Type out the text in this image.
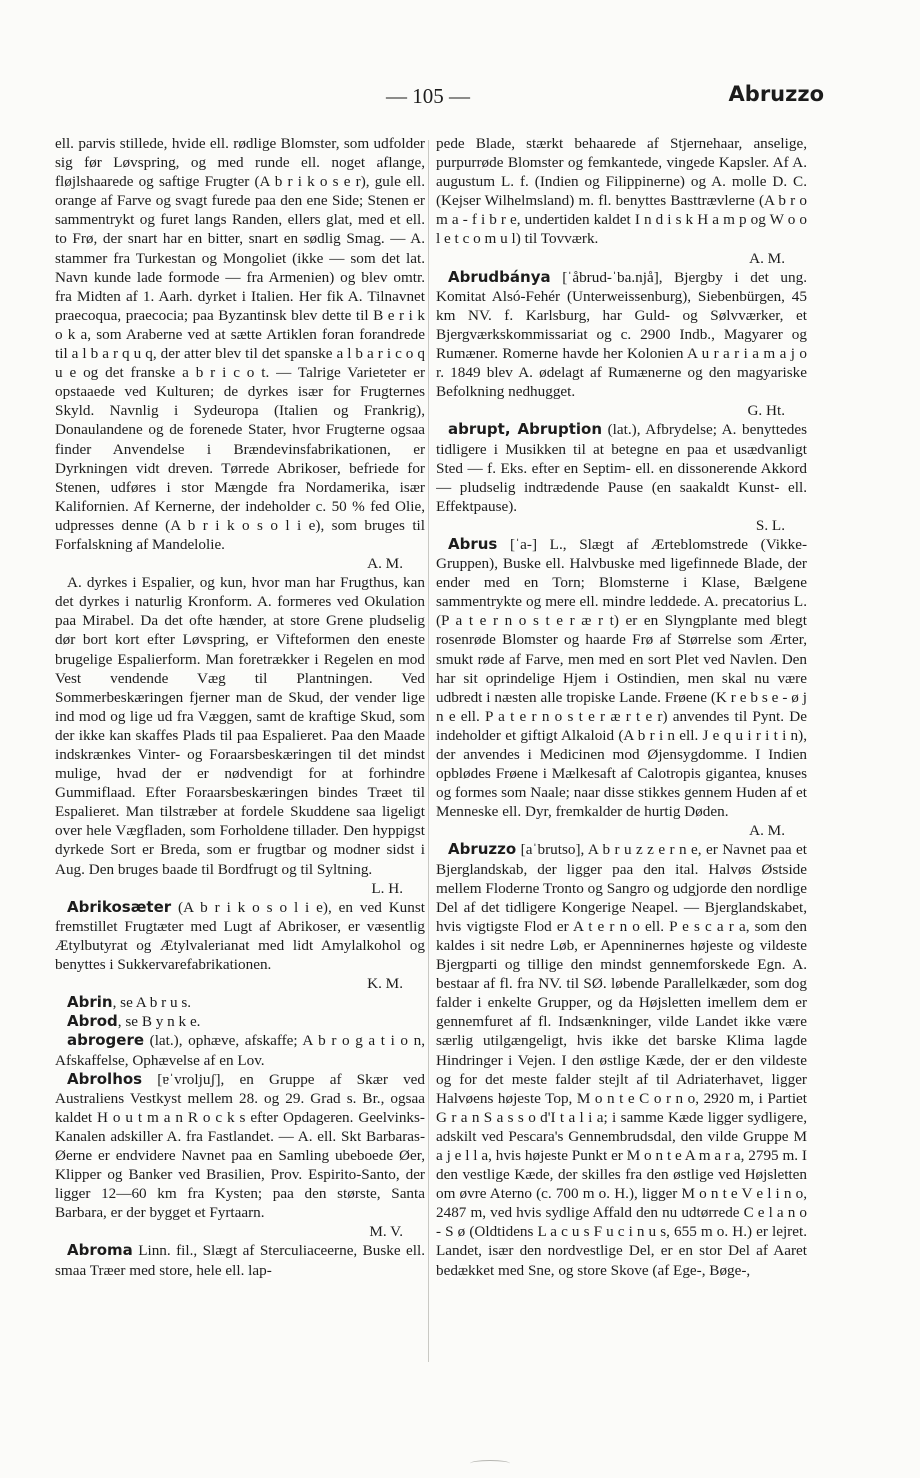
— 105 —	Abruzzo

ell. parvis stillede, hvide ell. rødlige Blomster, som udfolder sig før Løvspring, og med runde ell. noget aflange, fløjlshaarede og saftige Frugter (A b r i k o s e r), gule ell. orange af Farve og svagt furede paa den ene Side; Stenen er sammentrykt og furet langs Randen, ellers glat, med et ell. to Frø, der snart har en bitter, snart en sødlig Smag. — A. stammer fra Turkestan og Mongoliet (ikke — som det lat. Navn kunde lade formode — fra Armenien) og blev omtr. fra Midten af 1. Aarh. dyrket i Italien. Her fik A. Tilnavnet praecoqua, praecocia; paa Byzantinsk blev dette til B e r i k o k a, som Araberne ved at sætte Artiklen foran forandrede til a l b a r q u q, der atter blev til det spanske a l b a r i c o q u e og det franske a b r i c o t. — Talrige Varieteter er opstaaede ved Kulturen; de dyrkes især for Frugternes Skyld. Navnlig i Sydeuropa (Italien og Frankrig), Donaulandene og de forenede Stater, hvor Frugterne ogsaa finder Anvendelse i Brændevinsfabrikationen, er Dyrkningen vidt dreven. Tørrede Abrikoser, befriede for Stenen, udføres i stor Mængde fra Nordamerika, især Kalifornien. Af Kernerne, der indeholder c. 50 % fed Olie, udpresses denne (A b r i k o s o l i e), som bruges til Forfalskning af Mandelolie.
A. M.

A. dyrkes i Espalier, og kun, hvor man har Frugthus, kan det dyrkes i naturlig Kronform. A. formeres ved Okulation paa Mirabel. Da det ofte hænder, at store Grene pludselig dør bort kort efter Løvspring, er Vifteformen den eneste brugelige Espalierform. Man foretrækker i Regelen en mod Vest vendende Væg til Plantningen. Ved Sommerbeskæringen fjerner man de Skud, der vender lige ind mod og lige ud fra Væggen, samt de kraftige Skud, som der ikke kan skaffes Plads til paa Espalieret. Paa den Maade indskrænkes Vinter- og Foraarsbeskæringen til det mindst mulige, hvad der er nødvendigt for at forhindre Gummiflaad. Efter Foraarsbeskæringen bindes Træet til Espalieret. Man tilstræber at fordele Skuddene saa ligeligt over hele Vægfladen, som Forholdene tillader. Den hyppigst dyrkede Sort er Breda, som er frugtbar og modner sidst i Aug. Den bruges baade til Bordfrugt og til Syltning.
L. H.

Abrikosæter (A b r i k o s o l i e), en ved Kunst fremstillet Frugtæter med Lugt af Abrikoser, er væsentlig Ætylbutyrat og Ætylvalerianat med lidt Amylalkohol og benyttes i Sukkervarefabrikationen.
K. M.

Abrin, se A b r u s.

Abrod, se B y n k e.

abrogere (lat.), ophæve, afskaffe; A b r o g a t i o n, Afskaffelse, Ophævelse af en Lov.

Abrolhos [ɐˈvroljuʃ], en Gruppe af Skær ved Australiens Vestkyst mellem 28. og 29. Grad s. Br., ogsaa kaldet H o u t m a n R o c k s efter Opdageren. Geelvinks-Kanalen adskiller A. fra Fastlandet. — A. ell. Skt Barbaras-Øerne er endvidere Navnet paa en Samling ubeboede Øer, Klipper og Banker ved Brasilien, Prov. Espirito-Santo, der ligger 12—60 km fra Kysten; paa den største, Santa Barbara, er der bygget et Fyrtaarn.
M. V.

Abroma Linn. fil., Slægt af Sterculiaceerne, Buske ell. smaa Træer med store, hele ell. lap-

pede Blade, stærkt behaarede af Stjernehaar, anselige, purpurrøde Blomster og femkantede, vingede Kapsler. Af A. augustum L. f. (Indien og Filippinerne) og A. molle D. C. (Kejser Wilhelmsland) m. fl. benyttes Basttrævlerne (A b r o m a - f i b r e, undertiden kaldet I n d i s k H a m p og W o o l e t c o m u l) til Tovværk.
A. M.

Abrudbánya [ˈåbrud-ˈba.njå], Bjergby i det ung. Komitat Alsó-Fehér (Unterweissenburg), Siebenbürgen, 45 km NV. f. Karlsburg, har Guld- og Sølvværker, et Bjergværkskommissariat og c. 2900 Indb., Magyarer og Rumæner. Romerne havde her Kolonien A u r a r i a m a j o r. 1849 blev A. ødelagt af Rumænerne og den magyariske Befolkning nedhugget.
G. Ht.

abrupt, Abruption (lat.), Afbrydelse; A. benyttedes tidligere i Musikken til at betegne en paa et usædvanligt Sted — f. Eks. efter en Septim- ell. en dissonerende Akkord — pludselig indtrædende Pause (en saakaldt Kunst- ell. Effektpause).
S. L.

Abrus [ˈa-] L., Slægt af Ærteblomstrede (Vikke-Gruppen), Buske ell. Halvbuske med ligefinnede Blade, der ender med en Torn; Blomsterne i Klase, Bælgene sammentrykte og mere ell. mindre leddede. A. precatorius L. (P a t e r n o s t e r æ r t) er en Slyngplante med blegt rosenrøde Blomster og haarde Frø af Størrelse som Ærter, smukt røde af Farve, men med en sort Plet ved Navlen. Den har sit oprindelige Hjem i Ostindien, men skal nu være udbredt i næsten alle tropiske Lande. Frøene (K r e b s e - ø j n e ell. P a t e r n o s t e r æ r t e r) anvendes til Pynt. De indeholder et giftigt Alkaloid (A b r i n ell. J e q u i r i t i n), der anvendes i Medicinen mod Øjensygdomme. I Indien opblødes Frøene i Mælkesaft af Calotropis gigantea, knuses og formes som Naale; naar disse stikkes gennem Huden af et Menneske ell. Dyr, fremkalder de hurtig Døden.
A. M.

Abruzzo [aˈbrutso], A b r u z z e r n e, er Navnet paa et Bjerglandskab, der ligger paa den ital. Halvøs Østside mellem Floderne Tronto og Sangro og udgjorde den nordlige Del af det tidligere Kongerige Neapel. — Bjerglandskabet, hvis vigtigste Flod er A t e r n o ell. P e s c a r a, som den kaldes i sit nedre Løb, er Apenninernes højeste og vildeste Bjergparti og tillige den mindst gennemforskede Egn. A. bestaar af fl. fra NV. til SØ. løbende Parallelkæder, som dog falder i enkelte Grupper, og da Højsletten imellem dem er gennemfuret af fl. Indsænkninger, vilde Landet ikke være særlig utilgængeligt, hvis ikke det barske Klima lagde Hindringer i Vejen. I den østlige Kæde, der er den vildeste og for det meste falder stejlt af til Adriaterhavet, ligger Halvøens højeste Top, M o n t e C o r n o, 2920 m, i Partiet G r a n S a s s o d'I t a l i a; i samme Kæde ligger sydligere, adskilt ved Pescara's Gennembrudsdal, den vilde Gruppe M a j e l l a, hvis højeste Punkt er M o n t e A m a r a, 2795 m. I den vestlige Kæde, der skilles fra den østlige ved Højsletten om øvre Aterno (c. 700 m o. H.), ligger M o n t e V e l i n o, 2487 m, ved hvis sydlige Affald den nu udtørrede C e l a n o - S ø (Oldtidens L a c u s F u c i n u s, 655 m o. H.) er lejret. Landet, især den nordvestlige Del, er en stor Del af Aaret bedækket med Sne, og store Skove (af Ege-, Bøge-,
